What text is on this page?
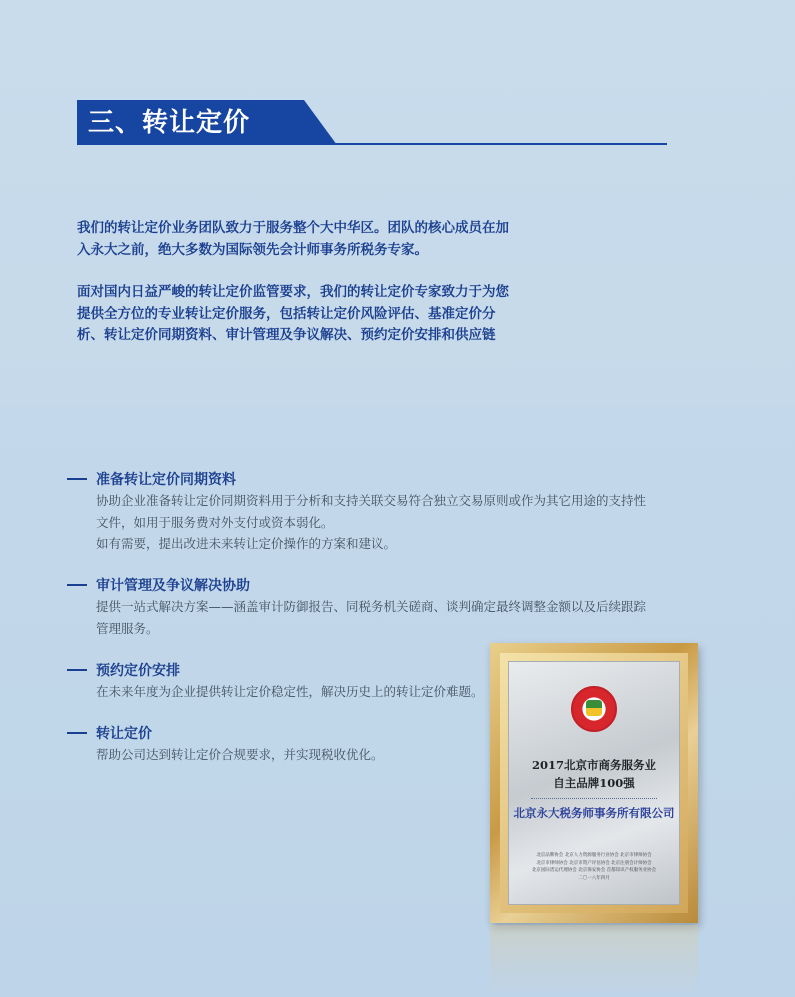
三、转让定价

我们的转让定价业务团队致力于服务整个大中华区。团队的核心成员在加入永大之前，绝大多数为国际领先会计师事务所税务专家。

面对国内日益严峻的转让定价监管要求，我们的转让定价专家致力于为您提供全方位的专业转让定价服务，包括转让定价风险评估、基准定价分析、转让定价同期资料、审计管理及争议解决、预约定价安排和供应链

准备转让定价同期资料
协助企业准备转让定价同期资料用于分析和支持关联交易符合独立交易原则或作为其它用途的支持性
文件，如用于服务费对外支付或资本弱化。
如有需要，提出改进未来转让定价操作的方案和建议。
审计管理及争议解决协助
提供一站式解决方案——涵盖审计防御报告、同税务机关磋商、谈判确定最终调整金额以及后续跟踪
管理服务。
预约定价安排
在未来年度为企业提供转让定价稳定性，解决历史上的转让定价难题。
转让定价
帮助公司达到转让定价合规要求，并实现税收优化。
2017北京市商务服务业
自主品牌100强
北京永大税务师事务所有限公司
北京品牌协会 北京人力资源服务行业协会 北京市律师协会
北京市律师协会 北京市资产评估协会 北京注册会计师协会
北京国际货运代理协会 北京保安协会 首都知识产权服务业协会
二〇一八年四月
